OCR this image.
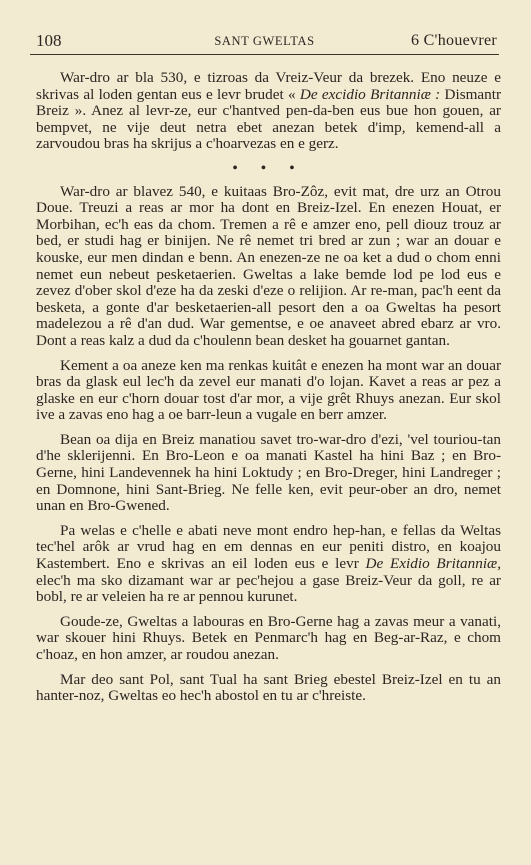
108	SANT GWELTAS	6 C'houevrer

War-dro ar bla 530, e tizroas da Vreiz-Veur da brezek. Eno neuze e skrivas al loden gentan eus e levr brudet « De excidio Britanniæ : Dismantr Breiz ». Anez al levr-ze, eur c'hantved pen-da-ben eus bue hon gouen, ar bempvet, ne vije deut netra ebet anezan betek d'imp, kemend-all a zarvoudou bras ha skrijus a c'hoarvezas en e gerz.

• • •

War-dro ar blavez 540, e kuitaas Bro-Zôz, evit mat, dre urz an Otrou Doue. Treuzi a reas ar mor ha dont en Breiz-Izel. En enezen Houat, er Morbihan, ec'h eas da chom. Tremen a rê e amzer eno, pell diouz trouz ar bed, er studi hag er binijen. Ne rê nemet tri bred ar zun ; war an douar e kouske, eur men dindan e benn. An enezen-ze ne oa ket a dud o chom enni nemet eun nebeut pesketaerien. Gweltas a lake bemde lod pe lod eus e zevez d'ober skol d'eze ha da zeski d'eze o relijion. Ar re-man, pac'h eent da besketa, a gonte d'ar besketaerien-all pesort den a oa Gweltas ha pesort madelezou a rê d'an dud. War gementse, e oe anaveet abred ebarz ar vro. Dont a reas kalz a dud da c'houlenn bean desket ha gouarnet gantan.

Kement a oa aneze ken ma renkas kuitât e enezen ha mont war an douar bras da glask eul lec'h da zevel eur manati d'o lojan. Kavet a reas ar pez a glaske en eur c'horn douar tost d'ar mor, a vije grêt Rhuys anezan. Eur skol ive a zavas eno hag a oe barr-leun a vugale en berr amzer.

Bean oa dija en Breiz manatiou savet tro-war-dro d'ezi, 'vel touriou-tan d'he sklerijenni. En Bro-Leon e oa manati Kastel ha hini Baz ; en Bro-Gerne, hini Landevennek ha hini Loktudy ; en Bro-Dreger, hini Landreger ; en Domnone, hini Sant-Brieg. Ne felle ken, evit peur-ober an dro, nemet unan en Bro-Gwened.

Pa welas e c'helle e abati neve mont endro hep-han, e fellas da Weltas tec'hel arôk ar vrud hag en em dennas en eur peniti distro, en koajou Kastembert. Eno e skrivas an eil loden eus e levr De Exidio Britanniæ, elec'h ma sko dizamant war ar pec'hejou a gase Breiz-Veur da goll, re ar bobl, re ar veleien ha re ar pennou kurunet.

Goude-ze, Gweltas a labouras en Bro-Gerne hag a zavas meur a vanati, war skouer hini Rhuys. Betek en Penmarc'h hag en Beg-ar-Raz, e chom c'hoaz, en hon amzer, ar roudou anezan.

Mar deo sant Pol, sant Tual ha sant Brieg ebestel Breiz-Izel en tu an hanter-noz, Gweltas eo hec'h abostol en tu ar c'hreiste.
